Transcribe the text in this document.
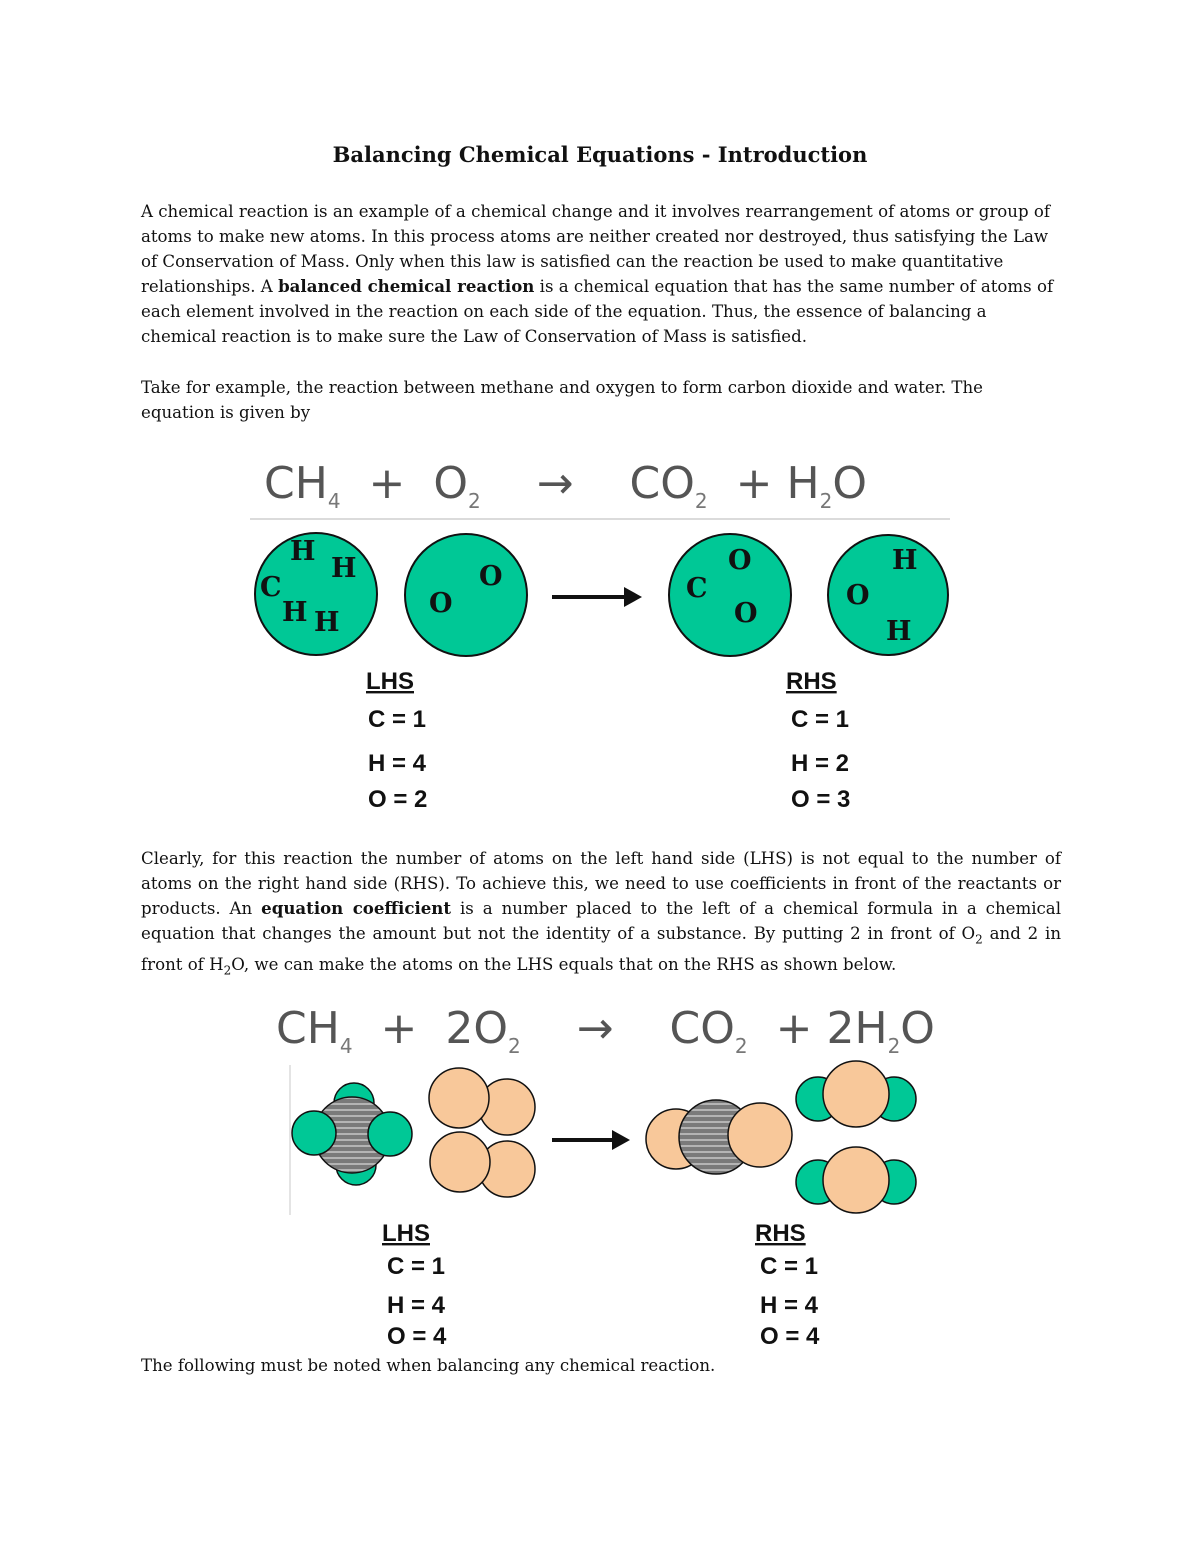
Balancing Chemical Equations - Introduction
A chemical reaction is an example of a chemical change and it involves rearrangement of atoms or group of atoms to make new atoms. In this process atoms are neither created nor destroyed, thus satisfying the Law of Conservation of Mass. Only when this law is satisfied can the reaction be used to make quantitative relationships. A balanced chemical reaction is a chemical equation that has the same number of atoms of each element involved in the reaction on each side of the equation. Thus, the essence of balancing a chemical reaction is to make sure the Law of Conservation of Mass is satisfied.
Take for example, the reaction between methane and oxygen to form carbon dioxide and water. The equation is given by
$CH_4 + O_2 \to CO_2 + H_2O$
H
H
C
H H
O
O
O
C
O
H
O
H
LHS
C = 1
H = 4
O = 2
RHS
C = 1
H = 2
O = 3
Clearly, for this reaction the number of atoms on the left hand side (LHS) is not equal to the number of atoms on the right hand side (RHS). To achieve this, we need to use coefficients in front of the reactants or products. An equation coefficient is a number placed to the left of a chemical formula in a chemical equation that changes the amount but not the identity of a substance. By putting 2 in front of $O_2$ and 2 in front of $H_2O$, we can make the atoms on the LHS equals that on the RHS as shown below.
$CH_4 + 2O_2 \to CO_2 + 2H_2O$
LHS
C = 1
H = 4
O = 4
RHS
C = 1
H = 4
O = 4
The following must be noted when balancing any chemical reaction.
